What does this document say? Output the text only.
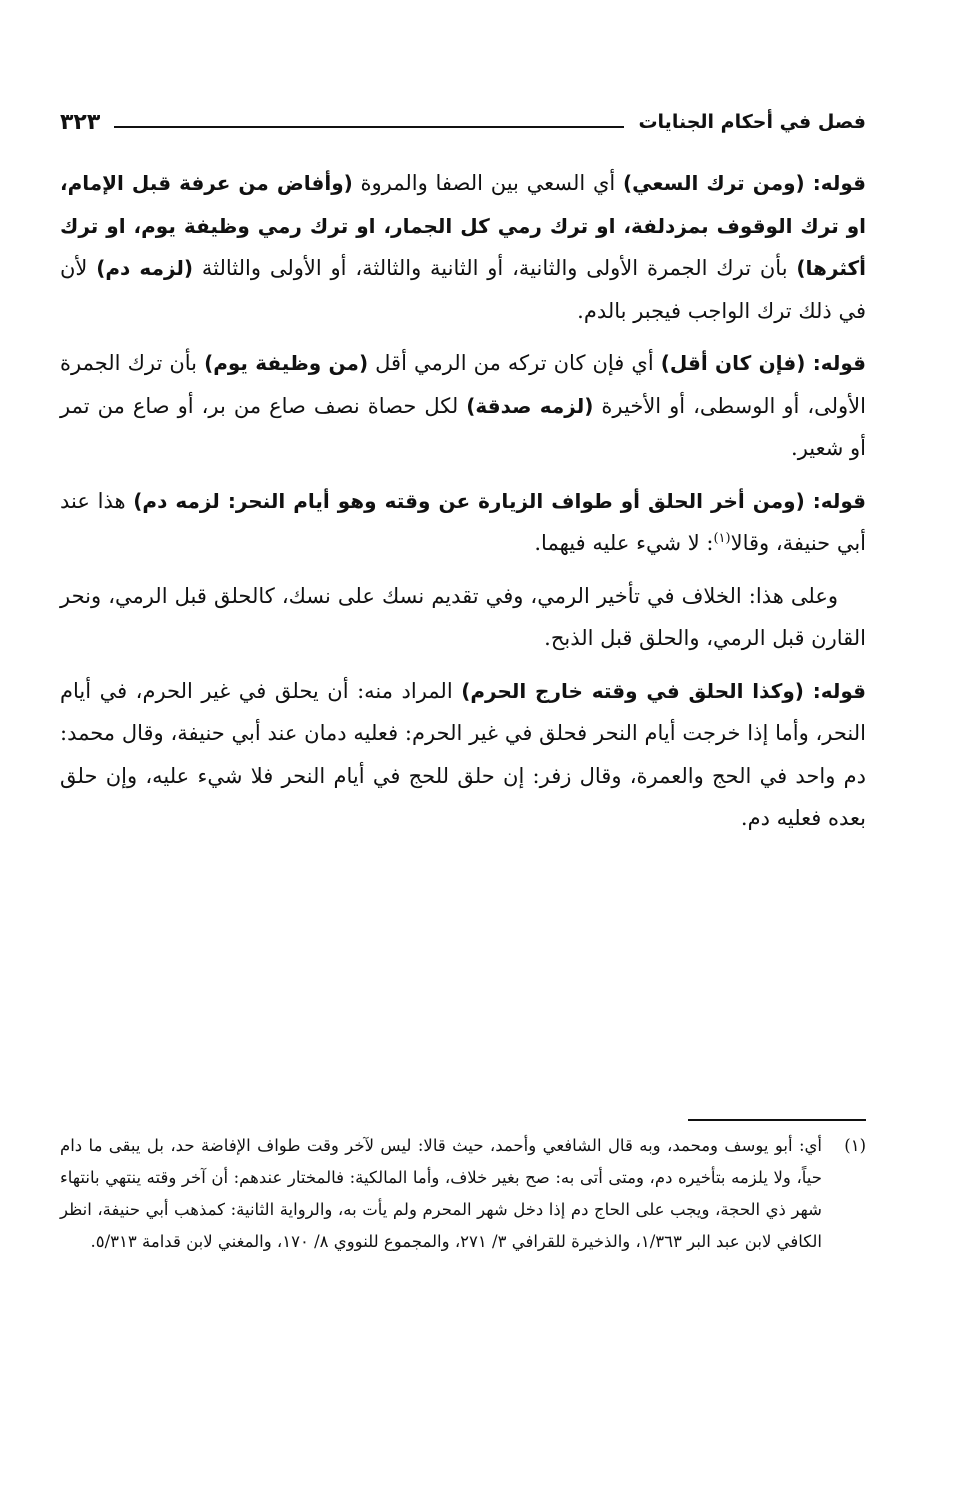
فصل في أحكام الجنايات
٣٢٣

قوله: (ومن ترك السعي) أي السعي بين الصفا والمروة (وأفاض من عرفة قبل الإمام، او ترك الوقوف بمزدلفة، او ترك رمي كل الجمار، او ترك رمي وظيفة يوم، او ترك أكثرها) بأن ترك الجمرة الأولى والثانية، أو الثانية والثالثة، أو الأولى والثالثة (لزمه دم) لأن في ذلك ترك الواجب فيجبر بالدم.

قوله: (فإن كان أقل) أي فإن كان تركه من الرمي أقل (من وظيفة يوم) بأن ترك الجمرة الأولى، أو الوسطى، أو الأخيرة (لزمه صدقة) لكل حصاة نصف صاع من بر، أو صاع من تمر أو شعير.

قوله: (ومن أخر الحلق أو طواف الزيارة عن وقته وهو أيام النحر: لزمه دم) هذا عند أبي حنيفة، وقالا$^{(١)}$: لا شيء عليه فيهما.

وعلى هذا: الخلاف في تأخير الرمي، وفي تقديم نسك على نسك، كالحلق قبل الرمي، ونحر القارن قبل الرمي، والحلق قبل الذبح.

قوله: (وكذا الحلق في وقته خارج الحرم) المراد منه: أن يحلق في غير الحرم، في أيام النحر، وأما إذا خرجت أيام النحر فحلق في غير الحرم: فعليه دمان عند أبي حنيفة، وقال محمد: دم واحد في الحج والعمرة، وقال زفر: إن حلق للحج في أيام النحر فلا شيء عليه، وإن حلق بعده فعليه دم.

(١)
أي: أبو يوسف ومحمد، وبه قال الشافعي وأحمد، حيث قالا: ليس لآخر وقت طواف الإفاضة حد، بل يبقى ما دام حياً، ولا يلزمه بتأخيره دم، ومتى أتى به: صح بغير خلاف، وأما المالكية: فالمختار عندهم: أن آخر وقته ينتهي بانتهاء شهر ذي الحجة، ويجب على الحاج دم إذا دخل شهر المحرم ولم يأت به، والرواية الثانية: كمذهب أبي حنيفة، انظر الكافي لابن عبد البر ١/٣٦٣، والذخيرة للقرافي ٣/ ٢٧١، والمجموع للنووي ٨/ ١٧٠، والمغني لابن قدامة ٥/٣١٣.
